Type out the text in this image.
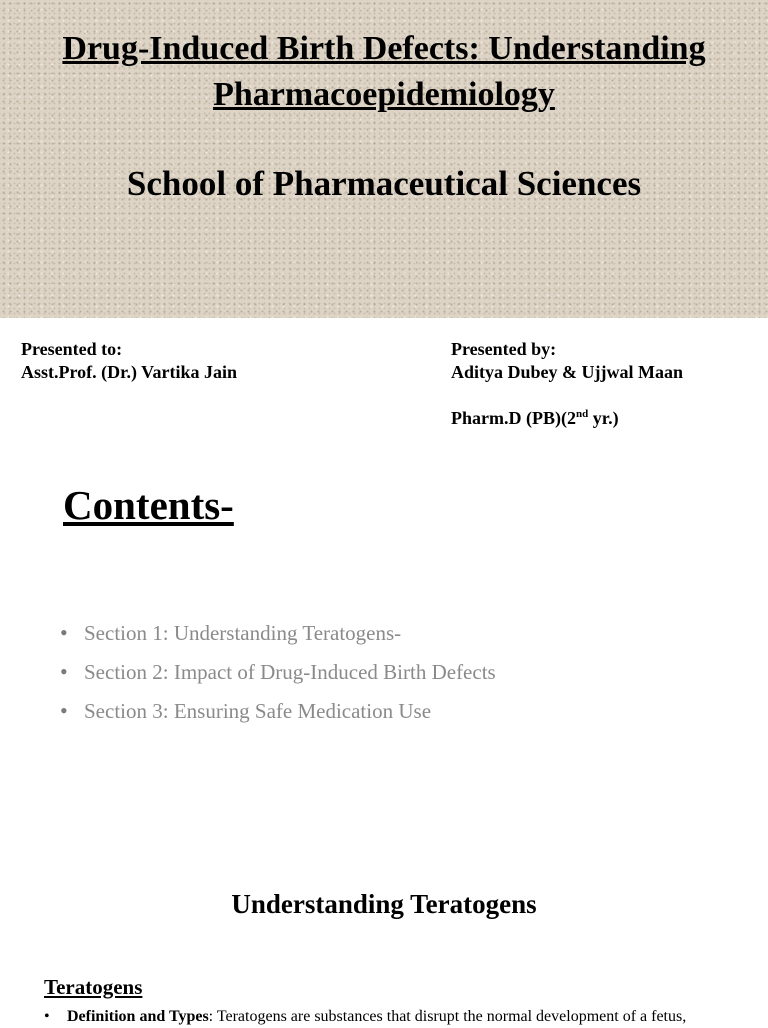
Drug-Induced Birth Defects: Understanding Pharmacoepidemiology
School of Pharmaceutical Sciences

Presented to:

Asst.Prof. (Dr.) Vartika Jain

Presented by:

Aditya Dubey & Ujjwal Maan

Pharm.D (PB)(2nd yr.)

Contents-
• Section 1: Understanding Teratogens-
• Section 2: Impact of Drug-Induced Birth Defects
• Section 3: Ensuring Safe Medication Use
Understanding Teratogens
Teratogens

• Definition and Types: Teratogens are substances that disrupt the normal development of a fetus,
